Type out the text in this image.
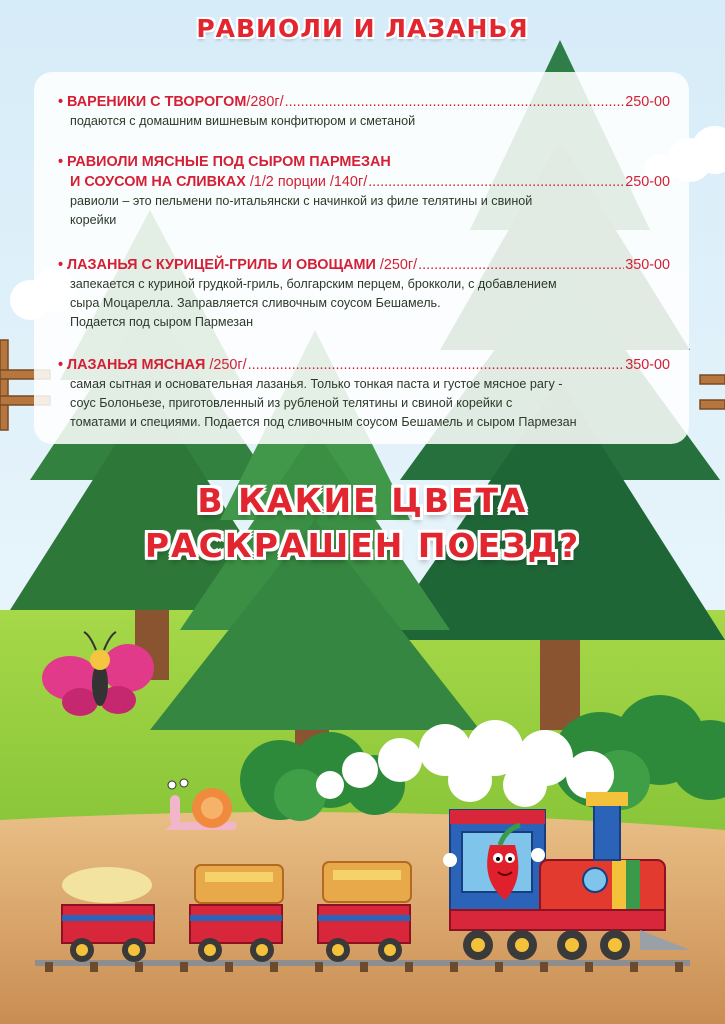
РАВИОЛИ И ЛАЗАНЬЯ
• ВАРЕНИКИ С ТВОРОГОМ /280г/ .....	250-00
подаются с домашним вишневым конфитюром и сметаной
• РАВИОЛИ МЯСНЫЕ ПОД СЫРОМ ПАРМЕЗАН
И СОУСОМ НА СЛИВКАХ /1/2 порции /140г/ .....	250-00
равиоли – это пельмени по-итальянски с начинкой из филе телятины и свиной
корейки
• ЛАЗАНЬЯ С КУРИЦЕЙ-ГРИЛЬ И ОВОЩАМИ /250г/ .....	350-00
запекается с куриной грудкой-гриль, болгарским перцем, брокколи, с добавлением
сыра Моцарелла. Заправляется сливочным соусом Бешамель.
Подается под сыром Пармезан
• ЛАЗАНЬЯ МЯСНАЯ /250г/ .....	350-00
самая сытная и основательная лазанья. Только тонкая паста и густое мясное рагу -
соус Болоньезе, приготовленный из рубленой телятины и свиной корейки с
томатами и специями. Подается под сливочным соусом Бешамель и сыром Пармезан
В КАКИЕ ЦВЕТА
РАСКРАШЕН ПОЕЗД?
